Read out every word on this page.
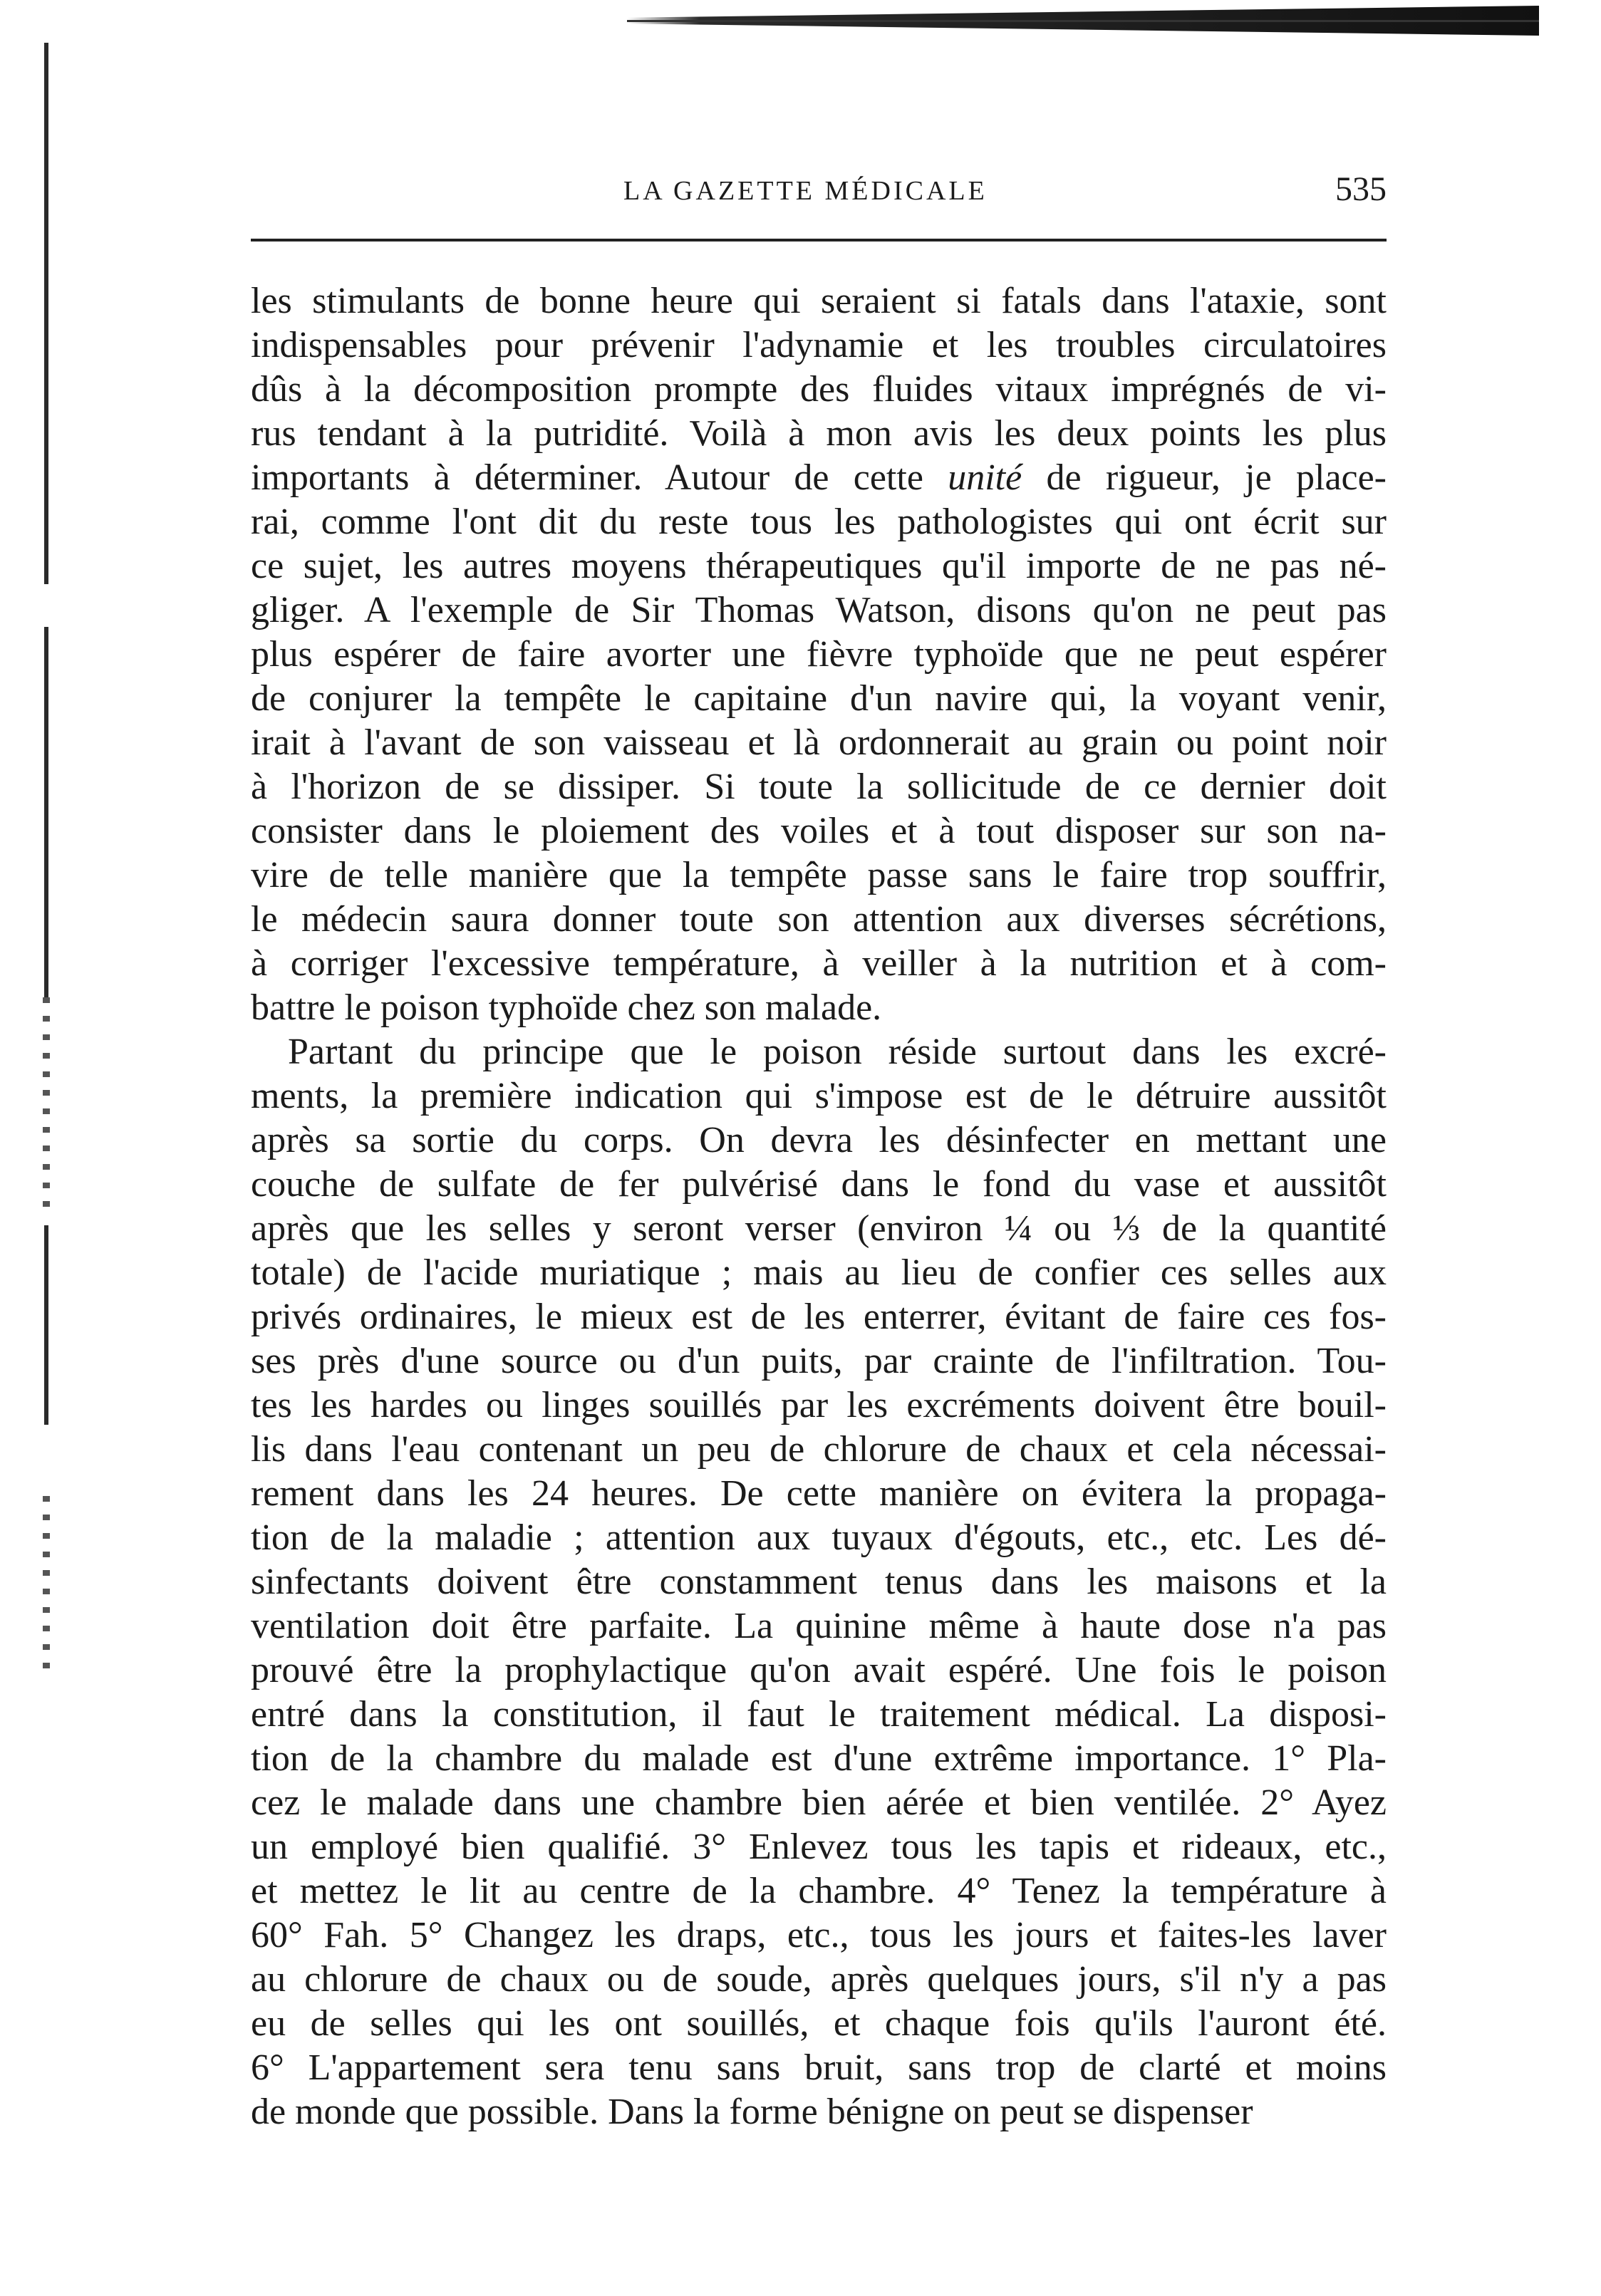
LA GAZETTE MÉDICALE	535
les stimulants de bonne heure qui seraient si fatals dans l'ataxie, sont
indispensables pour prévenir l'adynamie et les troubles circulatoires
dûs à la décomposition prompte des fluides vitaux imprégnés de vi-
rus tendant à la putridité. Voilà à mon avis les deux points les plus
importants à déterminer. Autour de cette unité de rigueur, je place-
rai, comme l'ont dit du reste tous les pathologistes qui ont écrit sur
ce sujet, les autres moyens thérapeutiques qu'il importe de ne pas né-
gliger. A l'exemple de Sir Thomas Watson, disons qu'on ne peut pas
plus espérer de faire avorter une fièvre typhoïde que ne peut espérer
de conjurer la tempête le capitaine d'un navire qui, la voyant venir,
irait à l'avant de son vaisseau et là ordonnerait au grain ou point noir
à l'horizon de se dissiper. Si toute la sollicitude de ce dernier doit
consister dans le ploiement des voiles et à tout disposer sur son na-
vire de telle manière que la tempête passe sans le faire trop souffrir,
le médecin saura donner toute son attention aux diverses sécrétions,
à corriger l'excessive température, à veiller à la nutrition et à com-
battre le poison typhoïde chez son malade.
Partant du principe que le poison réside surtout dans les excré-
ments, la première indication qui s'impose est de le détruire aussitôt
après sa sortie du corps. On devra les désinfecter en mettant une
couche de sulfate de fer pulvérisé dans le fond du vase et aussitôt
après que les selles y seront verser (environ ¼ ou ⅓ de la quantité
totale) de l'acide muriatique ; mais au lieu de confier ces selles aux
privés ordinaires, le mieux est de les enterrer, évitant de faire ces fos-
ses près d'une source ou d'un puits, par crainte de l'infiltration. Tou-
tes les hardes ou linges souillés par les excréments doivent être bouil-
lis dans l'eau contenant un peu de chlorure de chaux et cela nécessai-
rement dans les 24 heures. De cette manière on évitera la propaga-
tion de la maladie ; attention aux tuyaux d'égouts, etc., etc. Les dé-
sinfectants doivent être constamment tenus dans les maisons et la
ventilation doit être parfaite. La quinine même à haute dose n'a pas
prouvé être la prophylactique qu'on avait espéré. Une fois le poison
entré dans la constitution, il faut le traitement médical. La disposi-
tion de la chambre du malade est d'une extrême importance. 1° Pla-
cez le malade dans une chambre bien aérée et bien ventilée. 2° Ayez
un employé bien qualifié. 3° Enlevez tous les tapis et rideaux, etc.,
et mettez le lit au centre de la chambre. 4° Tenez la température à
60° Fah. 5° Changez les draps, etc., tous les jours et faites-les laver
au chlorure de chaux ou de soude, après quelques jours, s'il n'y a pas
eu de selles qui les ont souillés, et chaque fois qu'ils l'auront été.
6° L'appartement sera tenu sans bruit, sans trop de clarté et moins
de monde que possible. Dans la forme bénigne on peut se dispenser
